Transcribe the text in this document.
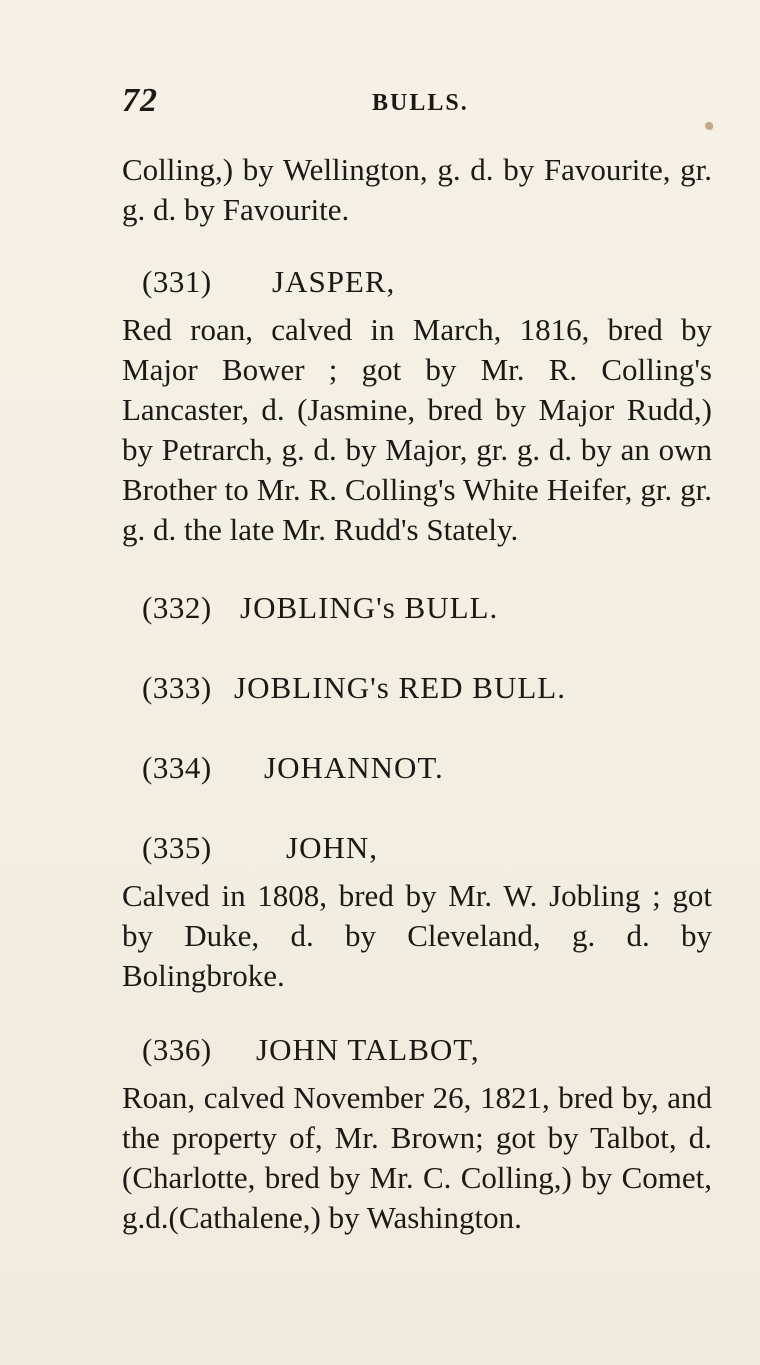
72	BULLS.

Colling,) by Wellington, g. d. by Favourite, gr. g. d. by Favourite.

(331) JASPER,

Red roan, calved in March, 1816, bred by Major Bower ; got by Mr. R. Colling's Lancaster, d. (Jasmine, bred by Major Rudd,) by Petrarch, g. d. by Major, gr. g. d. by an own Brother to Mr. R. Colling's White Heifer, gr. gr. g. d. the late Mr. Rudd's Stately.

(332) JOBLING's BULL.

(333) JOBLING's RED BULL.

(334) JOHANNOT.

(335) JOHN,

Calved in 1808, bred by Mr. W. Jobling ; got by Duke, d. by Cleveland, g. d. by Bolingbroke.

(336) JOHN TALBOT,

Roan, calved November 26, 1821, bred by, and the property of, Mr. Brown; got by Talbot, d. (Charlotte, bred by Mr. C. Colling,) by Comet, g.d.(Cathalene,) by Washington.
